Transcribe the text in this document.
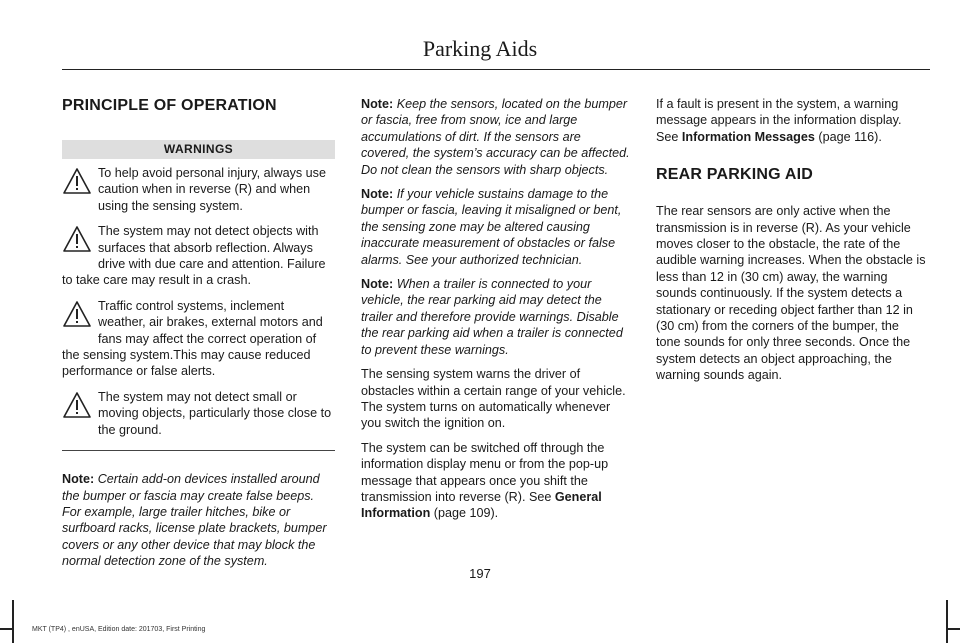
Parking Aids
PRINCIPLE OF OPERATION
WARNINGS
To help avoid personal injury, always use caution when in reverse (R) and when using the sensing system.
The system may not detect objects with surfaces that absorb reflection. Always drive with due care and attention. Failure to take care may result in a crash.
Traffic control systems, inclement weather, air brakes, external motors and fans may affect the correct operation of the sensing system.This may cause reduced performance or false alerts.
The system may not detect small or moving objects, particularly those close to the ground.
Note: Certain add-on devices installed around the bumper or fascia may create false beeps. For example, large trailer hitches, bike or surfboard racks, license plate brackets, bumper covers or any other device that may block the normal detection zone of the system.
Note: Keep the sensors, located on the bumper or fascia, free from snow, ice and large accumulations of dirt. If the sensors are covered, the system’s accuracy can be affected. Do not clean the sensors with sharp objects.
Note: If your vehicle sustains damage to the bumper or fascia, leaving it misaligned or bent, the sensing zone may be altered causing inaccurate measurement of obstacles or false alarms. See your authorized technician.
Note: When a trailer is connected to your vehicle, the rear parking aid may detect the trailer and therefore provide warnings. Disable the rear parking aid when a trailer is connected to prevent these warnings.
The sensing system warns the driver of obstacles within a certain range of your vehicle. The system turns on automatically whenever you switch the ignition on.
The system can be switched off through the information display menu or from the pop-up message that appears once you shift the transmission into reverse (R). See General Information (page 109).
If a fault is present in the system, a warning message appears in the information display. See Information Messages (page 116).
REAR PARKING AID
The rear sensors are only active when the transmission is in reverse (R). As your vehicle moves closer to the obstacle, the rate of the audible warning increases. When the obstacle is less than 12 in (30 cm) away, the warning sounds continuously. If the system detects a stationary or receding object farther than 12 in (30 cm) from the corners of the bumper, the tone sounds for only three seconds. Once the system detects an object approaching, the warning sounds again.
197
MKT (TP4) , enUSA, Edition date: 201703, First Printing
